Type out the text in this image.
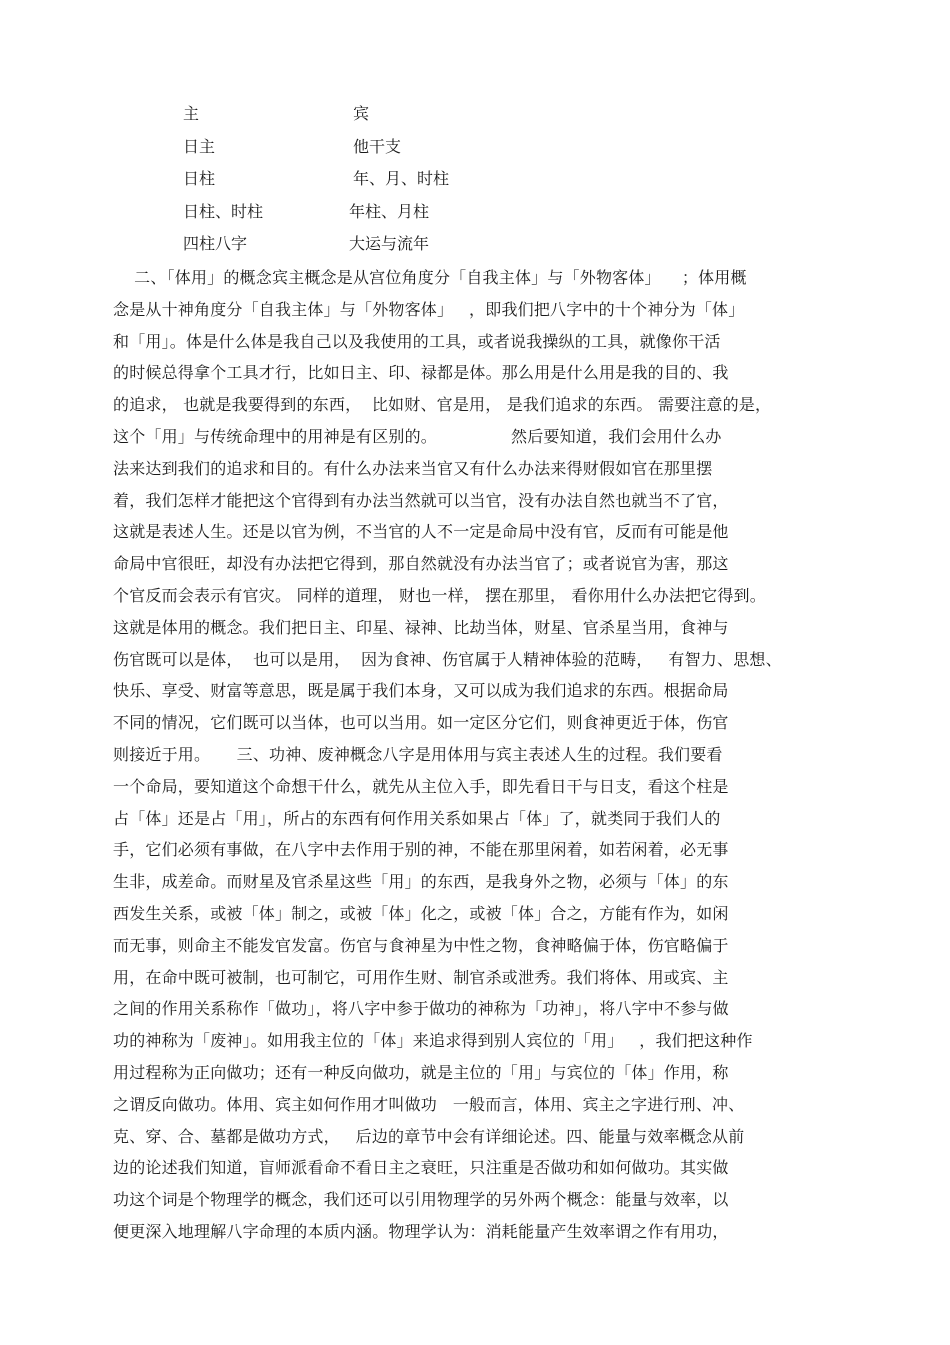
主	宾
日主	他干支
日柱	年、月、时柱
日柱、时柱	年柱、月柱
四柱八字	大运与流年
二、「体用」的概念宾主概念是从宫位角度分「自我主体」与「外物客体」    ；体用概
念是从十神角度分「自我主体」与「外物客体」   ，即我们把八字中的十个神分为「体」
和「用」。体是什么体是我自己以及我使用的工具，或者说我操纵的工具，就像你干活
的时候总得拿个工具才行，比如日主、印、禄都是体。那么用是什么用是我的目的、我
的追求， 也就是我要得到的东西，  比如财、官是用， 是我们追求的东西。 需要注意的是，
这个「用」与传统命理中的用神是有区别的。              然后要知道，我们会用什么办
法来达到我们的追求和目的。有什么办法来当官又有什么办法来得财假如官在那里摆
着，我们怎样才能把这个官得到有办法当然就可以当官，没有办法自然也就当不了官，
这就是表述人生。还是以官为例，不当官的人不一定是命局中没有官，反而有可能是他
命局中官很旺，却没有办法把它得到，那自然就没有办法当官了；或者说官为害，那这
个官反而会表示有官灾。 同样的道理， 财也一样， 摆在那里， 看你用什么办法把它得到。
这就是体用的概念。我们把日主、印星、禄神、比劫当体，财星、官杀星当用，食神与
伤官既可以是体，  也可以是用，  因为食神、伤官属于人精神体验的范畴，   有智力、思想、
快乐、享受、财富等意思，既是属于我们本身，又可以成为我们追求的东西。根据命局
不同的情况，它们既可以当体，也可以当用。如一定区分它们，则食神更近于体，伤官
则接近于用。     三、功神、废神概念八字是用体用与宾主表述人生的过程。我们要看
一个命局，要知道这个命想干什么，就先从主位入手，即先看日干与日支，看这个柱是
占「体」还是占「用」，所占的东西有何作用关系如果占「体」了，就类同于我们人的
手，它们必须有事做，在八字中去作用于别的神，不能在那里闲着，如若闲着，必无事
生非，成差命。而财星及官杀星这些「用」的东西，是我身外之物，必须与「体」的东
西发生关系，或被「体」制之，或被「体」化之，或被「体」合之，方能有作为，如闲
而无事，则命主不能发官发富。伤官与食神星为中性之物，食神略偏于体，伤官略偏于
用，在命中既可被制，也可制它，可用作生财、制官杀或泄秀。我们将体、用或宾、主
之间的作用关系称作「做功」，将八字中参于做功的神称为「功神」，将八字中不参与做
功的神称为「废神」。如用我主位的「体」来追求得到别人宾位的「用」   ，我们把这种作
用过程称为正向做功；还有一种反向做功，就是主位的「用」与宾位的「体」作用，称
之谓反向做功。体用、宾主如何作用才叫做功   一般而言，体用、宾主之字进行刑、冲、
克、穿、合、墓都是做功方式，   后边的章节中会有详细论述。四、能量与效率概念从前
边的论述我们知道，盲师派看命不看日主之衰旺，只注重是否做功和如何做功。其实做
功这个词是个物理学的概念，我们还可以引用物理学的另外两个概念：能量与效率，以
便更深入地理解八字命理的本质内涵。物理学认为：消耗能量产生效率谓之作有用功，
